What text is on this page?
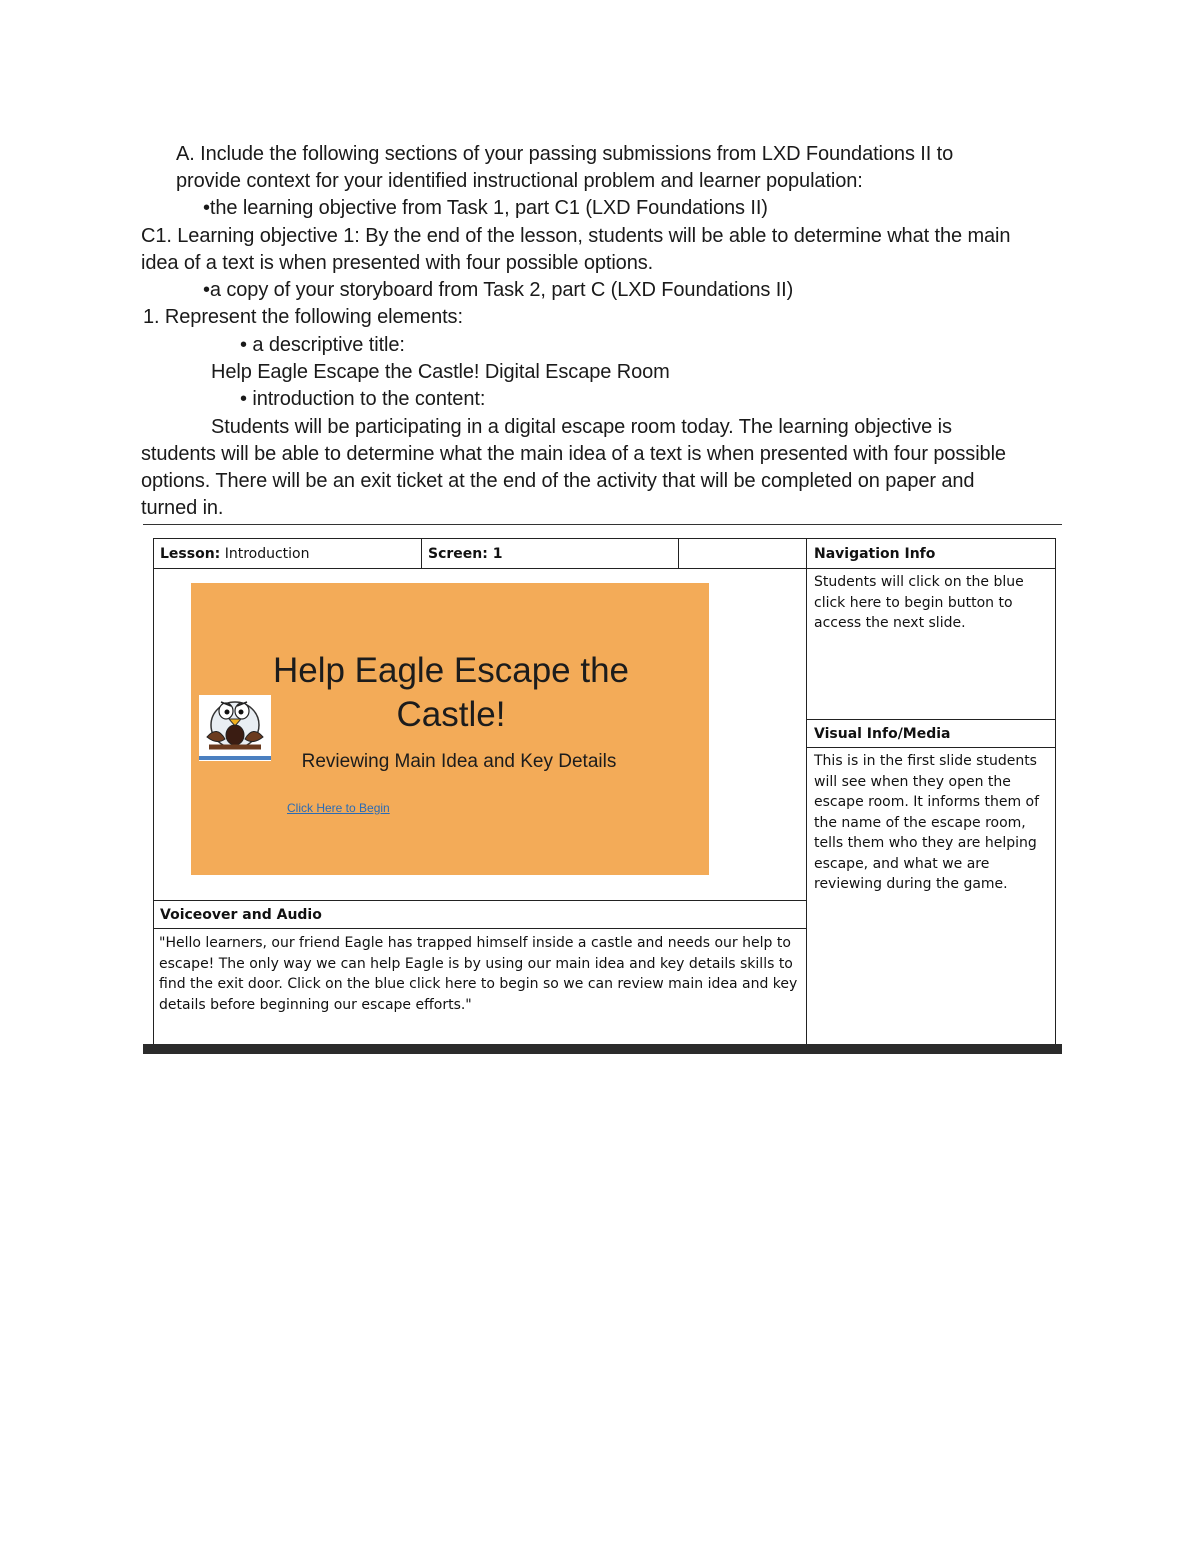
A. Include the following sections of your passing submissions from LXD Foundations II to
provide context for your identified instructional problem and learner population:
•the learning objective from Task 1, part C1 (LXD Foundations II)
C1. Learning objective 1: By the end of the lesson, students will be able to determine what the main
idea of a text is when presented with four possible options.
•a copy of your storyboard from Task 2, part C (LXD Foundations II)
1. Represent the following elements:
• a descriptive title:
Help Eagle Escape the Castle! Digital Escape Room
• introduction to the content:
Students will be participating in a digital escape room today. The learning objective is
students will be able to determine what the main idea of a text is when presented with four possible
options. There will be an exit ticket at the end of the activity that will be completed on paper and
turned in.
Lesson: Introduction	Screen: 1	Navigation Info
Help Eagle Escape the
Castle!
Reviewing Main Idea and Key Details
Click Here to Begin
Voiceover and Audio
"Hello learners, our friend Eagle has trapped himself inside a castle and needs our help to
escape! The only way we can help Eagle is by using our main idea and key details skills to
find the exit door. Click on the blue click here to begin so we can review main idea and key
details before beginning our escape efforts."
Students will click on the blue
click here to begin button to
access the next slide.
Visual Info/Media
This is in the first slide students
will see when they open the
escape room. It informs them of
the name of the escape room,
tells them who they are helping
escape, and what we are
reviewing during the game.
